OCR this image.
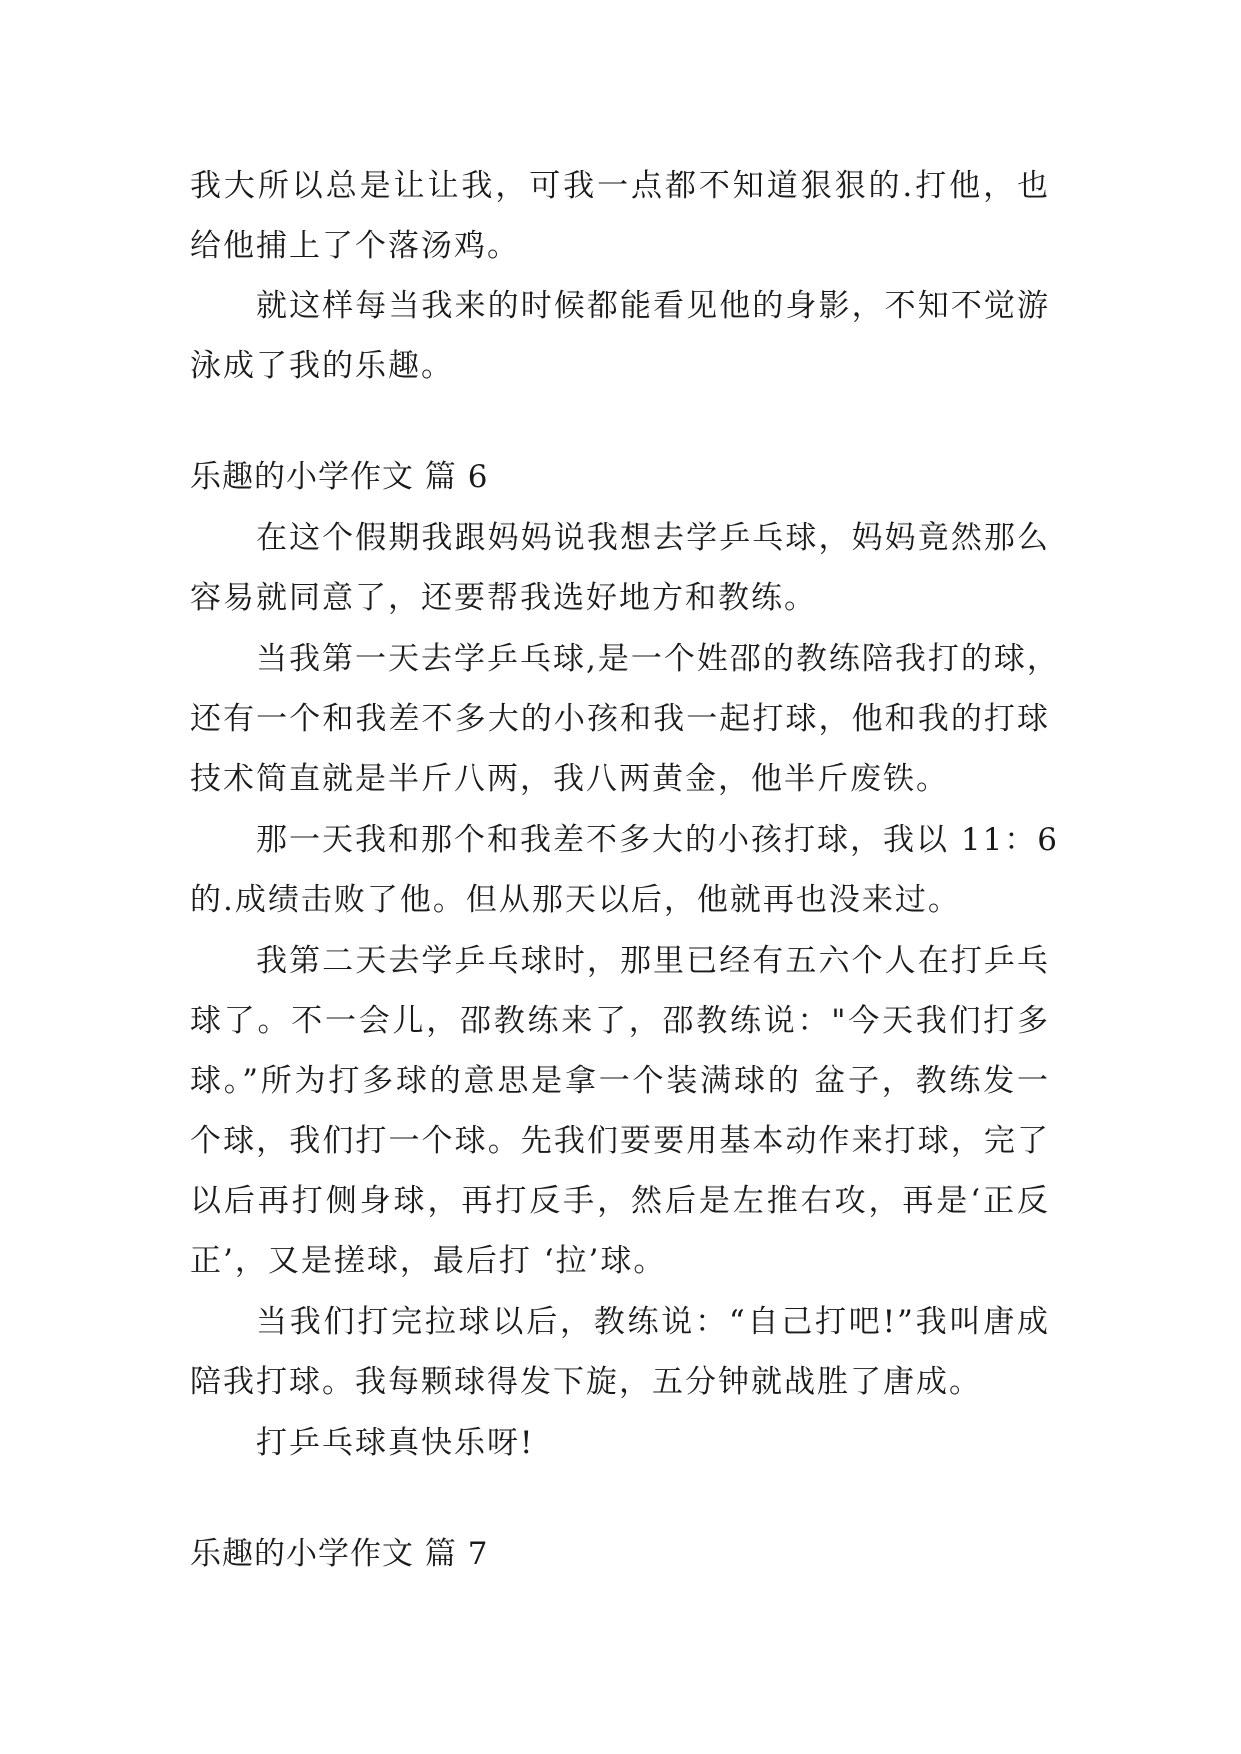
我大所以总是让让我，可我一点都不知道狠狠的.打他，也
给他捕上了个落汤鸡。
就这样每当我来的时候都能看见他的身影，不知不觉游
泳成了我的乐趣。
乐趣的小学作文 篇 6
在这个假期我跟妈妈说我想去学乒乓球，妈妈竟然那么
容易就同意了，还要帮我选好地方和教练。
当我第一天去学乒乓球,是一个姓邵的教练陪我打的球，
还有一个和我差不多大的小孩和我一起打球，他和我的打球
技术简直就是半斤八两，我八两黄金，他半斤废铁。
那一天我和那个和我差不多大的小孩打球，我以 11：6
的.成绩击败了他。但从那天以后，他就再也没来过。
我第二天去学乒乓球时，那里已经有五六个人在打乒乓
球了。不一会儿，邵教练来了，邵教练说："今天我们打多
球。”所为打多球的意思是拿一个装满球的 盆子，教练发一
个球，我们打一个球。先我们要要用基本动作来打球，完了
以后再打侧身球，再打反手，然后是左推右攻，再是‘正反
正’，又是搓球，最后打 ‘拉’球。
当我们打完拉球以后，教练说：“自己打吧!”我叫唐成
陪我打球。我每颗球得发下旋，五分钟就战胜了唐成。
打乒乓球真快乐呀!
乐趣的小学作文 篇 7
